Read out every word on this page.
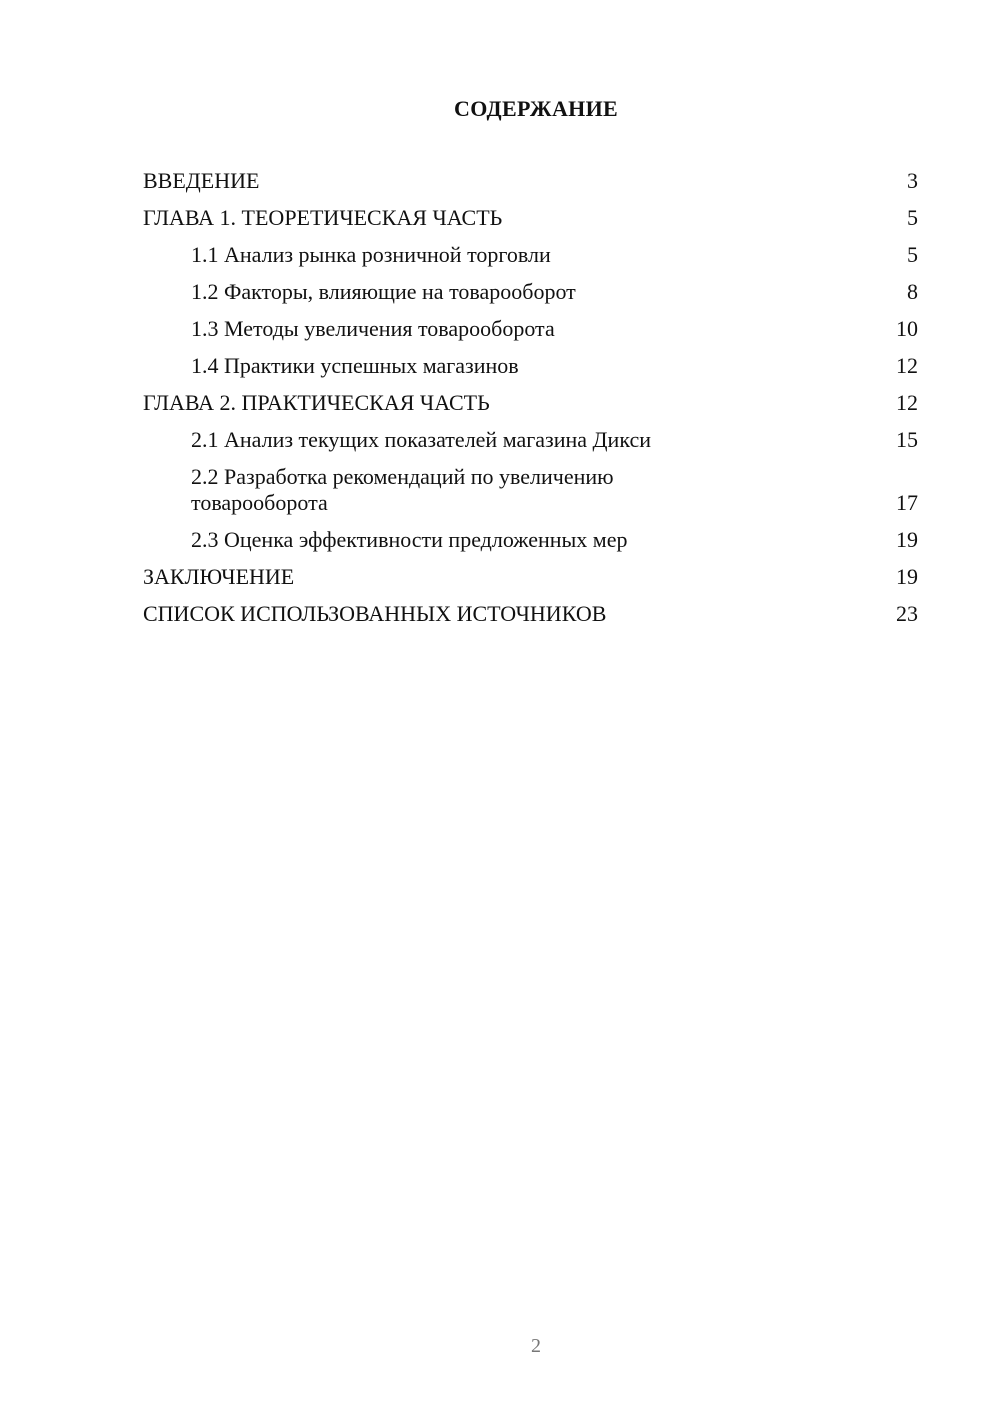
СОДЕРЖАНИЕ
ВВЕДЕНИЕ	3
ГЛАВА 1. ТЕОРЕТИЧЕСКАЯ ЧАСТЬ	5
1.1 Анализ рынка розничной торговли	5
1.2 Факторы, влияющие на товарооборот	8
1.3 Методы увеличения товарооборота	10
1.4 Практики успешных магазинов	12
ГЛАВА 2. ПРАКТИЧЕСКАЯ ЧАСТЬ	12
2.1 Анализ текущих показателей магазина Дикси	15
2.2 Разработка рекомендаций по увеличению товарооборота	17
2.3 Оценка эффективности предложенных мер	19
ЗАКЛЮЧЕНИЕ	19
СПИСОК ИСПОЛЬЗОВАННЫХ ИСТОЧНИКОВ	23
2
